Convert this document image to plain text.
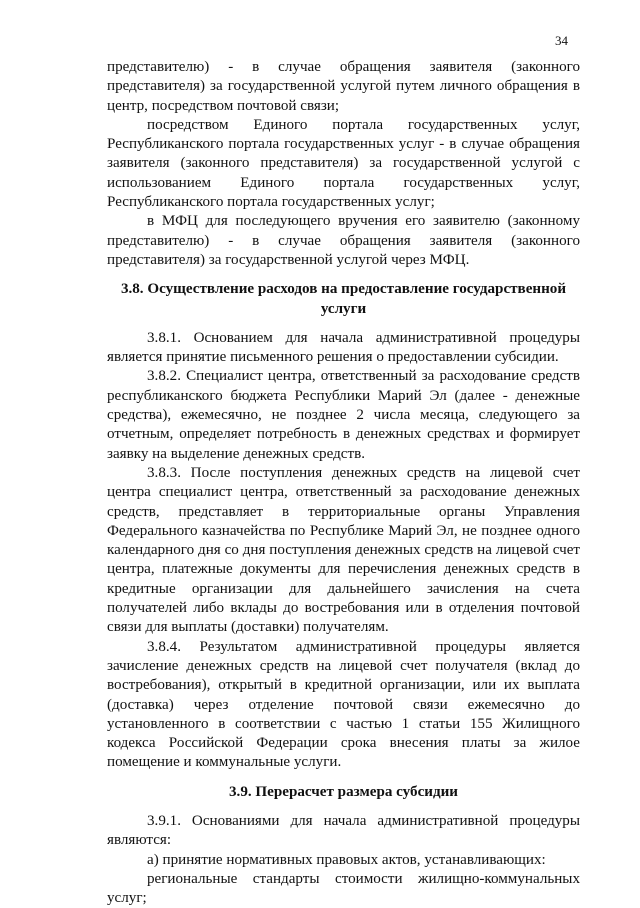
34

представителю) - в случае обращения заявителя (законного представителя) за государственной услугой путем личного обращения в центр, посредством почтовой связи;

посредством Единого портала государственных услуг, Республиканского портала государственных услуг - в случае обращения заявителя (законного представителя) за государственной услугой с использованием Единого портала государственных услуг, Республиканского портала государственных услуг;

в МФЦ для последующего вручения его заявителю (законному представителю) - в случае обращения заявителя (законного представителя) за государственной услугой через МФЦ.

3.8. Осуществление расходов на предоставление государственной услуги

3.8.1. Основанием для начала административной процедуры является принятие письменного решения о предоставлении субсидии.

3.8.2. Специалист центра, ответственный за расходование средств республиканского бюджета Республики Марий Эл (далее - денежные средства), ежемесячно, не позднее 2 числа месяца, следующего за отчетным, определяет потребность в денежных средствах и формирует заявку на выделение денежных средств.

3.8.3. После поступления денежных средств на лицевой счет центра специалист центра, ответственный за расходование денежных средств, представляет в территориальные органы Управления Федерального казначейства по Республике Марий Эл, не позднее одного календарного дня со дня поступления денежных средств на лицевой счет центра, платежные документы для перечисления денежных средств в кредитные организации для дальнейшего зачисления на счета получателей либо вклады до востребования или в отделения почтовой связи для выплаты (доставки) получателям.

3.8.4. Результатом административной процедуры является зачисление денежных средств на лицевой счет получателя (вклад до востребования), открытый в кредитной организации, или их выплата (доставка) через отделение почтовой связи ежемесячно до установленного в соответствии с частью 1 статьи 155 Жилищного кодекса Российской Федерации срока внесения платы за жилое помещение и коммунальные услуги.

3.9. Перерасчет размера субсидии

3.9.1. Основаниями для начала административной процедуры являются:

а) принятие нормативных правовых актов, устанавливающих:

региональные стандарты стоимости жилищно-коммунальных услуг;
